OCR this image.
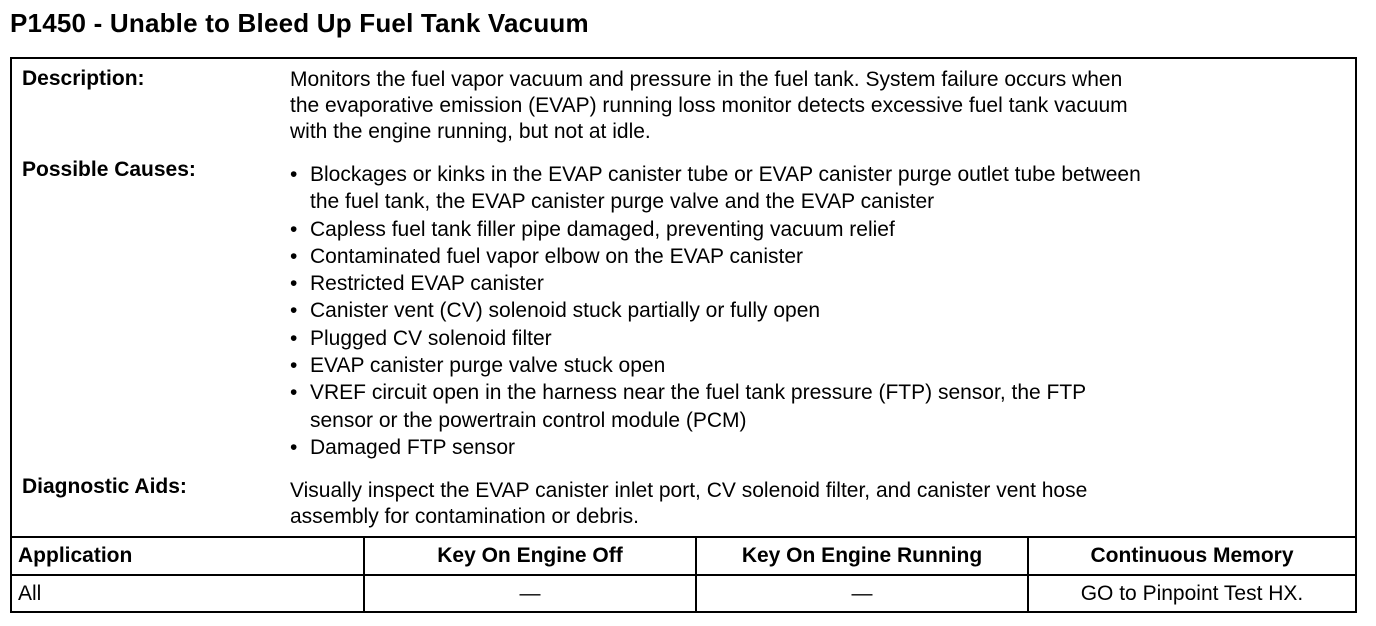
P1450 - Unable to Bleed Up Fuel Tank Vacuum
Description:	Monitors the fuel vapor vacuum and pressure in the fuel tank. System failure occurs when
the evaporative emission (EVAP) running loss monitor detects excessive fuel tank vacuum
with the engine running, but not at idle.
Possible Causes:	• Blockages or kinks in the EVAP canister tube or EVAP canister purge outlet tube between
the fuel tank, the EVAP canister purge valve and the EVAP canister
• Capless fuel tank filler pipe damaged, preventing vacuum relief
• Contaminated fuel vapor elbow on the EVAP canister
• Restricted EVAP canister
• Canister vent (CV) solenoid stuck partially or fully open
• Plugged CV solenoid filter
• EVAP canister purge valve stuck open
• VREF circuit open in the harness near the fuel tank pressure (FTP) sensor, the FTP
sensor or the powertrain control module (PCM)
• Damaged FTP sensor
Diagnostic Aids:	Visually inspect the EVAP canister inlet port, CV solenoid filter, and canister vent hose
assembly for contamination or debris.
Application	Key On Engine Off	Key On Engine Running	Continuous Memory
All	—	—	GO to Pinpoint Test HX.
